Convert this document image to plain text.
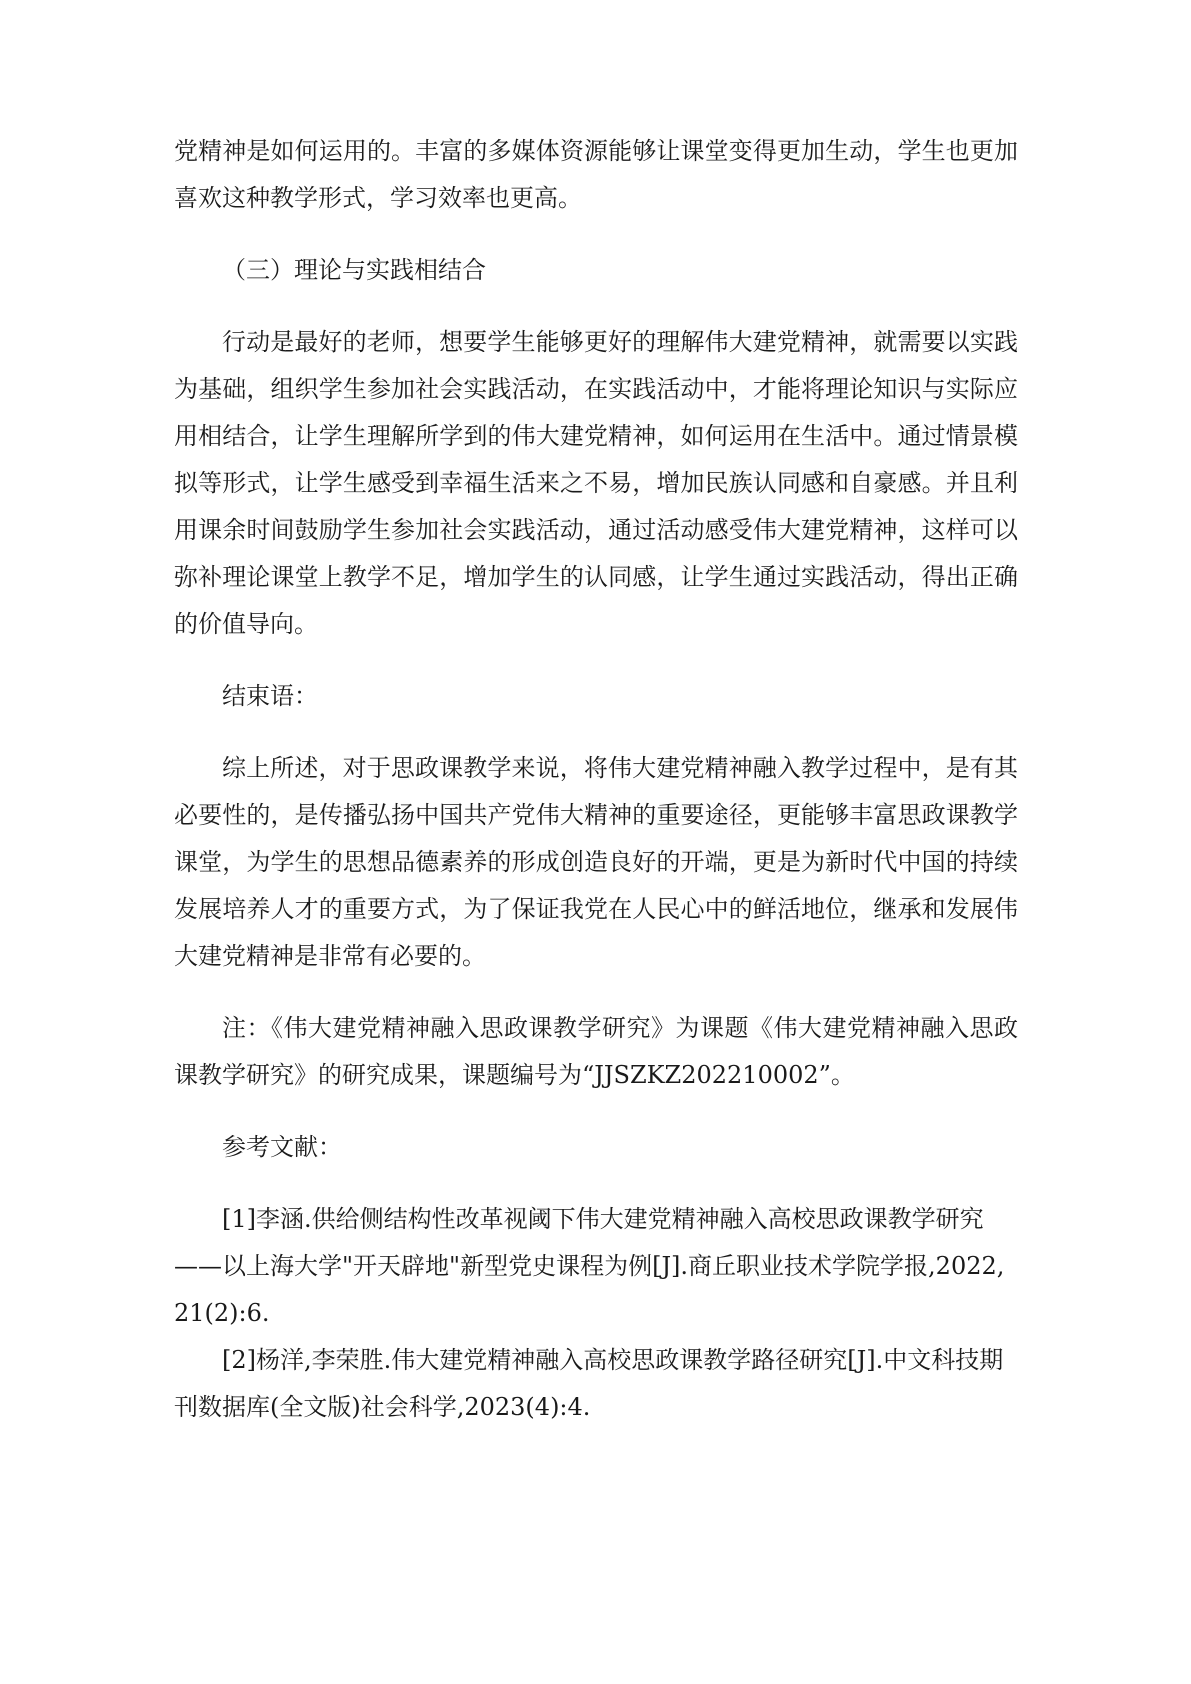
党精神是如何运用的。丰富的多媒体资源能够让课堂变得更加生动，学生也更加喜欢这种教学形式，学习效率也更高。

（三）理论与实践相结合

行动是最好的老师，想要学生能够更好的理解伟大建党精神，就需要以实践为基础，组织学生参加社会实践活动，在实践活动中，才能将理论知识与实际应用相结合，让学生理解所学到的伟大建党精神，如何运用在生活中。通过情景模拟等形式，让学生感受到幸福生活来之不易，增加民族认同感和自豪感。并且利用课余时间鼓励学生参加社会实践活动，通过活动感受伟大建党精神，这样可以弥补理论课堂上教学不足，增加学生的认同感，让学生通过实践活动，得出正确的价值导向。

结束语：

综上所述，对于思政课教学来说，将伟大建党精神融入教学过程中，是有其必要性的，是传播弘扬中国共产党伟大精神的重要途径，更能够丰富思政课教学课堂，为学生的思想品德素养的形成创造良好的开端，更是为新时代中国的持续发展培养人才的重要方式，为了保证我党在人民心中的鲜活地位，继承和发展伟大建党精神是非常有必要的。

注：《伟大建党精神融入思政课教学研究》为课题《伟大建党精神融入思政课教学研究》的研究成果，课题编号为“JJSZKZ202210002”。

参考文献：

[1]李涵.供给侧结构性改革视阈下伟大建党精神融入高校思政课教学研究——以上海大学"开天辟地"新型党史课程为例[J].商丘职业技术学院学报,2022,21(2):6.

[2]杨洋,李荣胜.伟大建党精神融入高校思政课教学路径研究[J].中文科技期刊数据库(全文版)社会科学,2023(4):4.
